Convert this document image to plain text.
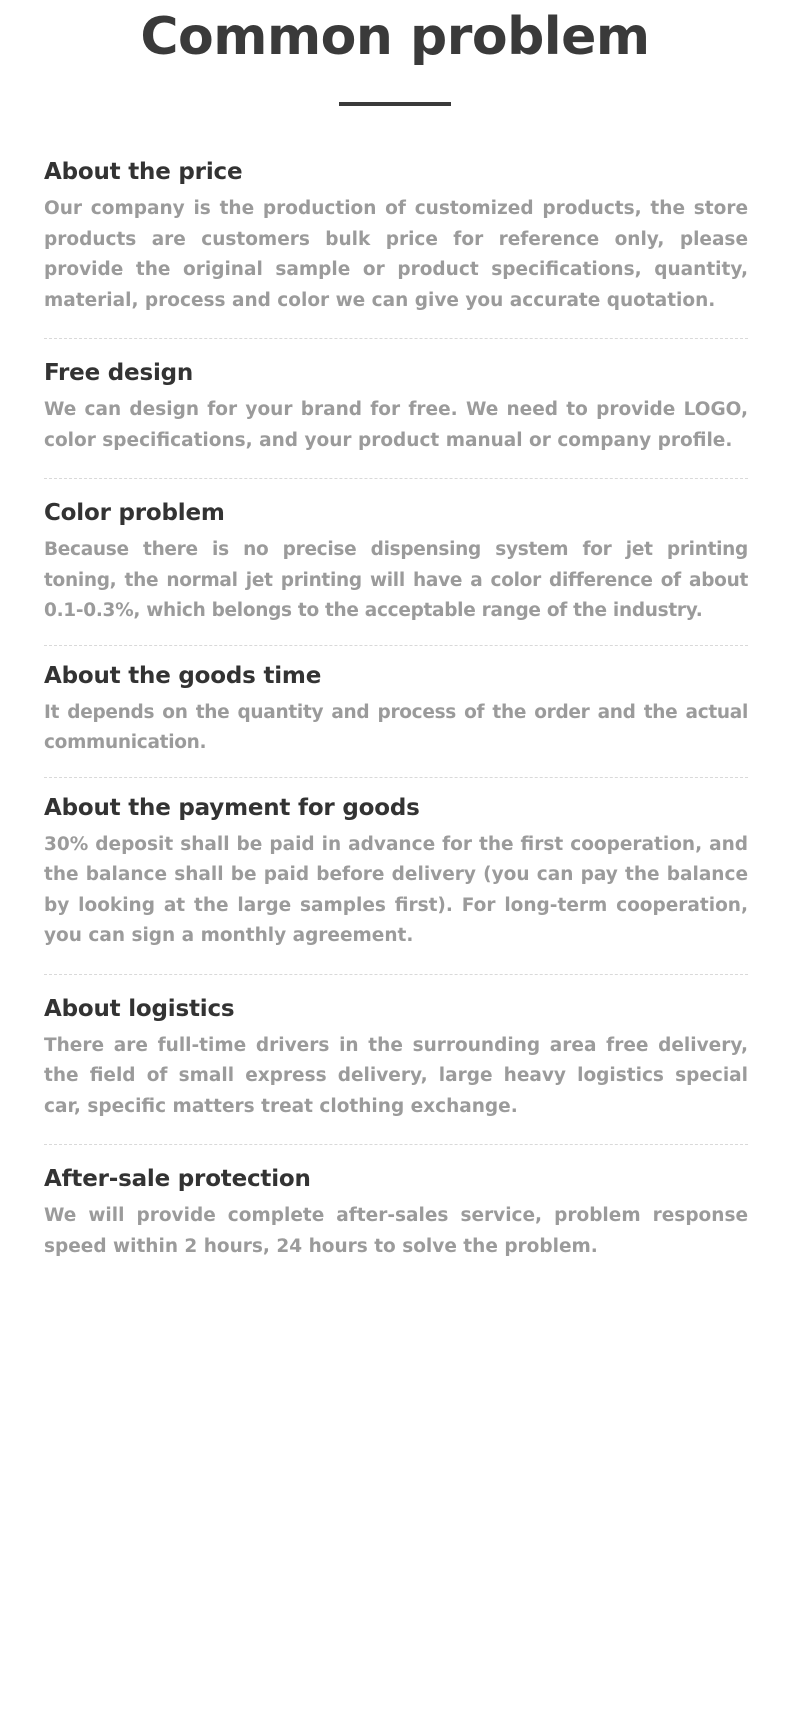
Common problem
About the price

Our company is the production of customized products, the store products are customers bulk price for reference only, please provide the original sample or product specifications, quantity, material, process and color we can give you accurate quotation.

Free design

We can design for your brand for free. We need to provide LOGO, color specifications, and your product manual or company profile.

Color problem

Because there is no precise dispensing system for jet printing toning, the normal jet printing will have a color difference of about 0.1-0.3%, which belongs to the acceptable range of the industry.

About the goods time

It depends on the quantity and process of the order and the actual communication.

About the payment for goods

30% deposit shall be paid in advance for the first cooperation, and the balance shall be paid before delivery (you can pay the balance by looking at the large samples first). For long-term cooperation, you can sign a monthly agreement.

About logistics

There are full-time drivers in the surrounding area free delivery, the field of small express delivery, large heavy logistics special car, specific matters treat clothing exchange.

After-sale protection

We will provide complete after-sales service, problem response speed within 2 hours, 24 hours to solve the problem.
